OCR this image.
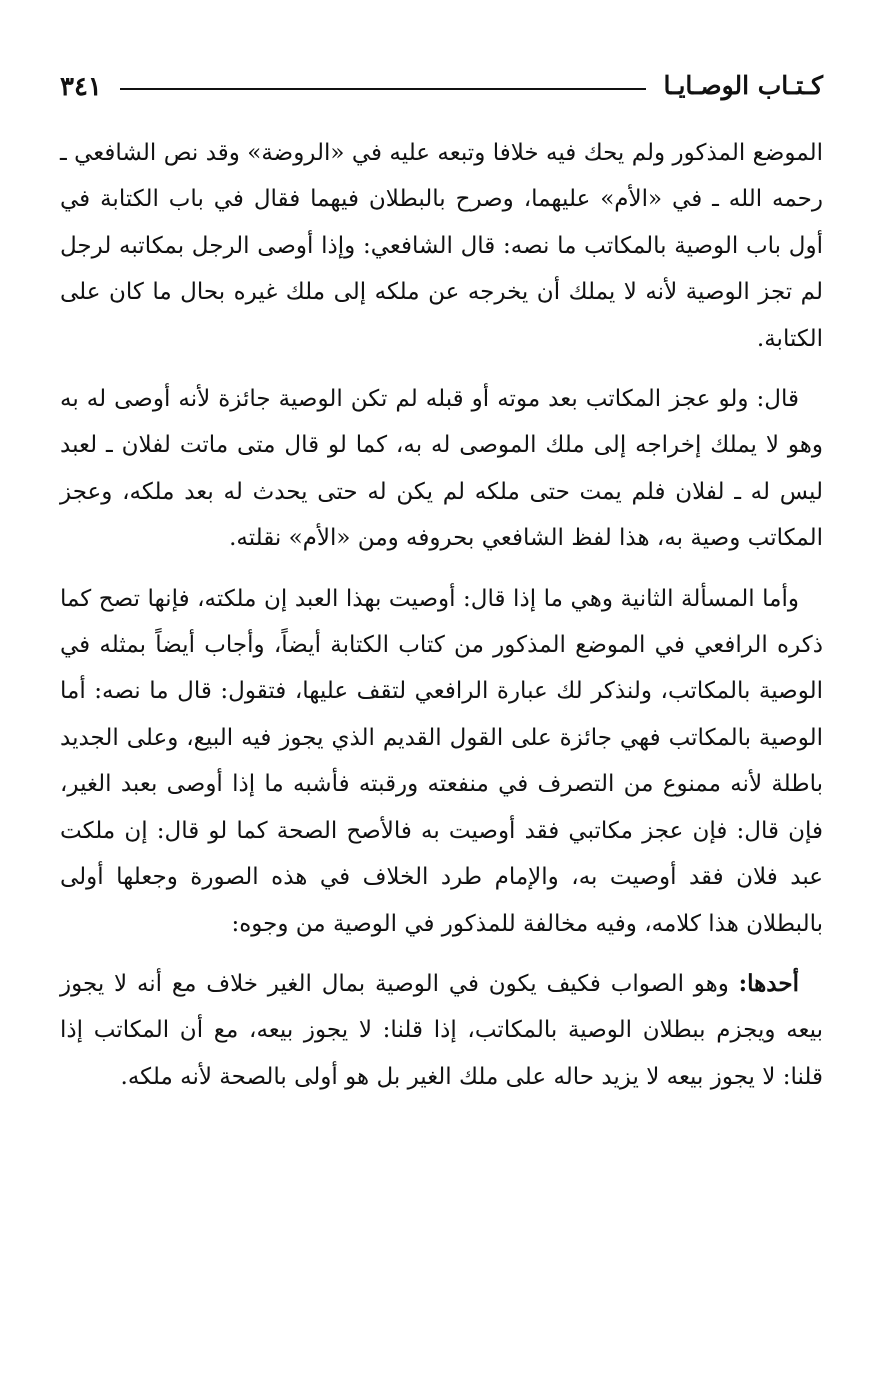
كـتـاب الوصـايـا
٣٤١

الموضع المذكور ولم يحك فيه خلافا وتبعه عليه في «الروضة» وقد نص الشافعي ـ رحمه الله ـ في «الأم» عليهما، وصرح بالبطلان فيهما فقال في باب الكتابة في أول باب الوصية بالمكاتب ما نصه: قال الشافعي: وإذا أوصى الرجل بمكاتبه لرجل لم تجز الوصية لأنه لا يملك أن يخرجه عن ملكه إلى ملك غيره بحال ما كان على الكتابة.

قال: ولو عجز المكاتب بعد موته أو قبله لم تكن الوصية جائزة لأنه أوصى له به وهو لا يملك إخراجه إلى ملك الموصى له به، كما لو قال متى ماتت لفلان ـ لعبد ليس له ـ لفلان فلم يمت حتى ملكه لم يكن له حتى يحدث له بعد ملكه، وعجز المكاتب وصية به، هذا لفظ الشافعي بحروفه ومن «الأم» نقلته.

وأما المسألة الثانية وهي ما إذا قال: أوصيت بهذا العبد إن ملكته، فإنها تصح كما ذكره الرافعي في الموضع المذكور من كتاب الكتابة أيضاً، وأجاب أيضاً بمثله في الوصية بالمكاتب، ولنذكر لك عبارة الرافعي لتقف عليها، فتقول: قال ما نصه: أما الوصية بالمكاتب فهي جائزة على القول القديم الذي يجوز فيه البيع، وعلى الجديد باطلة لأنه ممنوع من التصرف في منفعته ورقبته فأشبه ما إذا أوصى بعبد الغير، فإن قال: فإن عجز مكاتبي فقد أوصيت به فالأصح الصحة كما لو قال: إن ملكت عبد فلان فقد أوصيت به، والإمام طرد الخلاف في هذه الصورة وجعلها أولى بالبطلان هذا كلامه، وفيه مخالفة للمذكور في الوصية من وجوه:

أحدها: وهو الصواب فكيف يكون في الوصية بمال الغير خلاف مع أنه لا يجوز بيعه ويجزم ببطلان الوصية بالمكاتب، إذا قلنا: لا يجوز بيعه، مع أن المكاتب إذا قلنا: لا يجوز بيعه لا يزيد حاله على ملك الغير بل هو أولى بالصحة لأنه ملكه.
